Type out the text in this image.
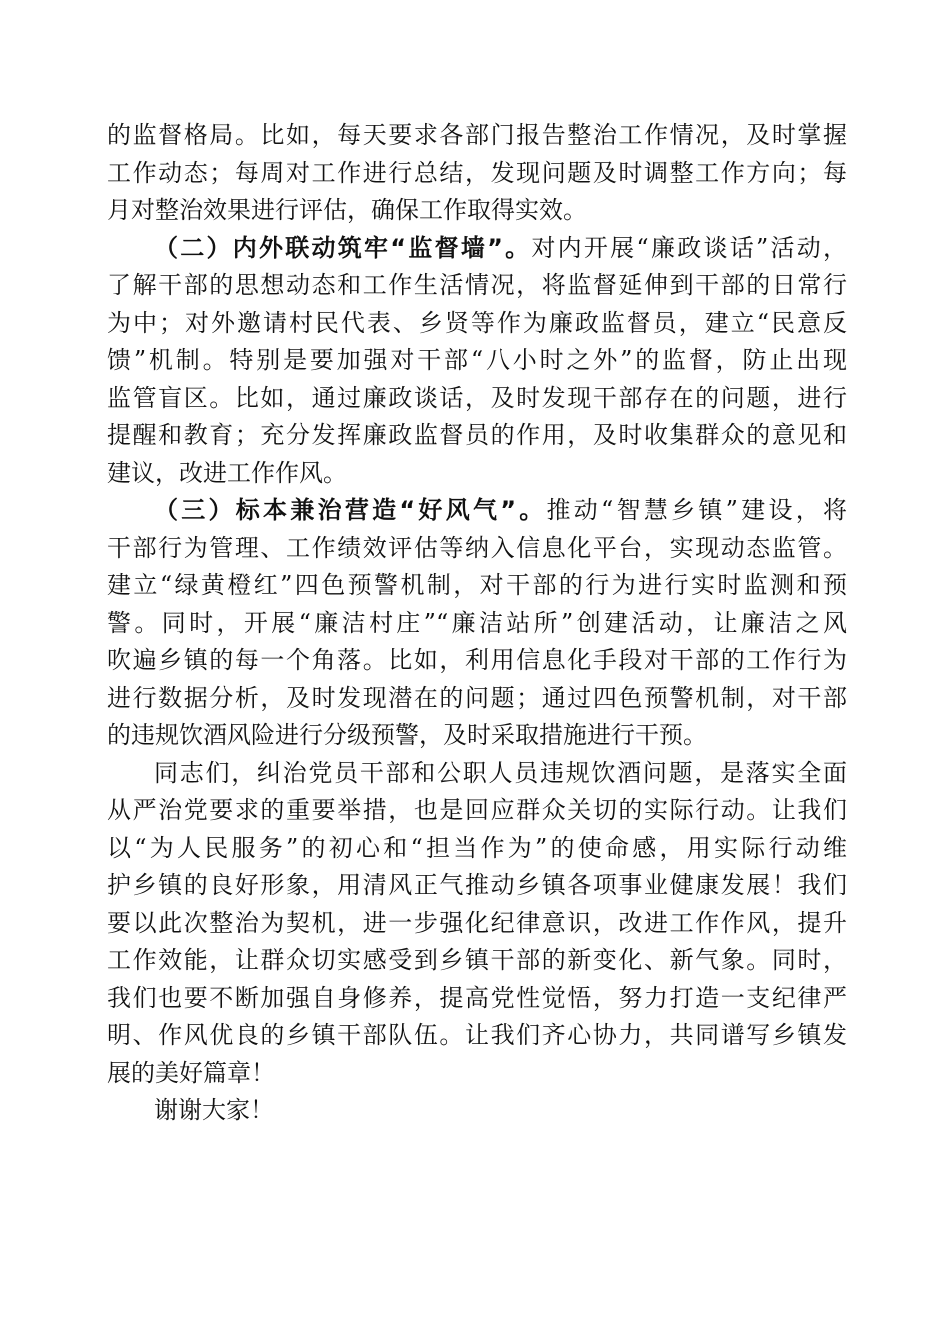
的监督格局。比如，每天要求各部门报告整治工作情况，及时掌握
工作动态；每周对工作进行总结，发现问题及时调整工作方向；每
月对整治效果进行评估，确保工作取得实效。
（二）内外联动筑牢“监督墙”。对内开展“廉政谈话”活动，
了解干部的思想动态和工作生活情况，将监督延伸到干部的日常行
为中；对外邀请村民代表、乡贤等作为廉政监督员，建立“民意反
馈”机制。特别是要加强对干部“八小时之外”的监督，防止出现
监管盲区。比如，通过廉政谈话，及时发现干部存在的问题，进行
提醒和教育；充分发挥廉政监督员的作用，及时收集群众的意见和
建议，改进工作作风。
（三）标本兼治营造“好风气”。推动“智慧乡镇”建设，将
干部行为管理、工作绩效评估等纳入信息化平台，实现动态监管。
建立“绿黄橙红”四色预警机制，对干部的行为进行实时监测和预
警。同时，开展“廉洁村庄”“廉洁站所”创建活动，让廉洁之风
吹遍乡镇的每一个角落。比如，利用信息化手段对干部的工作行为
进行数据分析，及时发现潜在的问题；通过四色预警机制，对干部
的违规饮酒风险进行分级预警，及时采取措施进行干预。
同志们，纠治党员干部和公职人员违规饮酒问题，是落实全面
从严治党要求的重要举措，也是回应群众关切的实际行动。让我们
以“为人民服务”的初心和“担当作为”的使命感，用实际行动维
护乡镇的良好形象，用清风正气推动乡镇各项事业健康发展！我们
要以此次整治为契机，进一步强化纪律意识，改进工作作风，提升
工作效能，让群众切实感受到乡镇干部的新变化、新气象。同时，
我们也要不断加强自身修养，提高党性觉悟，努力打造一支纪律严
明、作风优良的乡镇干部队伍。让我们齐心协力，共同谱写乡镇发
展的美好篇章！
谢谢大家！
